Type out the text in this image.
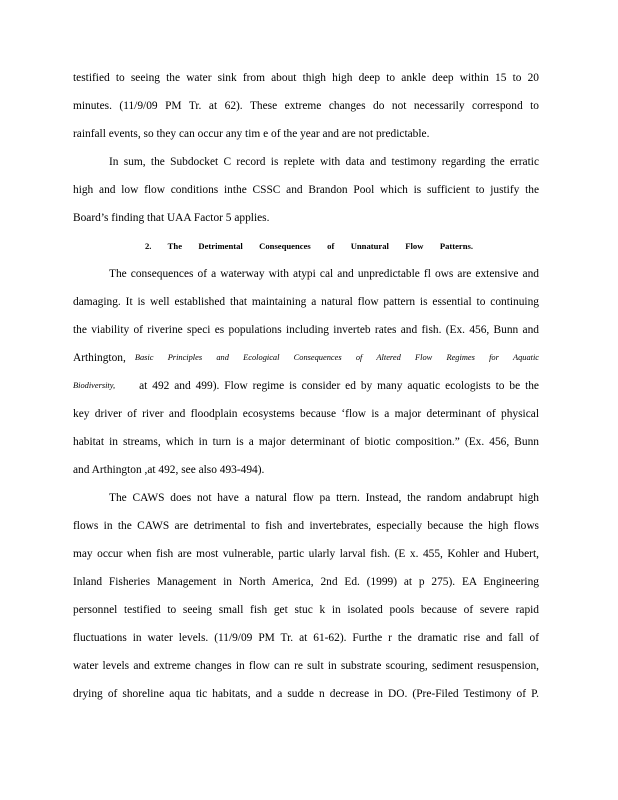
testified to seeing the water sink from about thigh high deep to ankle deep within 15 to 20
minutes. (11/9/09 PM Tr. at 62). These extreme changes do not necessarily correspond to
rainfall events, so they can occur any tim e of the year and are not predictable.
In sum, the Subdocket C record is replete with data and testimony regarding the erratic
high and low flow conditions inthe CSSC and Brandon Pool which is sufficient to justify the
Board’s finding that UAA Factor 5 applies.
2. The Detrimental Consequences of Unnatural Flow Patterns.
The consequences of a waterway with atypi cal and unpredictable fl ows are extensive and
damaging. It is well established that maintaining a natural flow pattern is essential to continuing
the viability of riverine speci es populations including inverteb rates and fish. (Ex. 456, Bunn and
Arthington, Basic Principles and Ecological Consequences of Altered Flow Regimes for Aquatic
Biodiversity, at 492 and 499). Flow regime is consider ed by many aquatic ecologists to be the
key driver of river and floodplain ecosystems because ‘flow is a major determinant of physical
habitat in streams, which in turn is a major determinant of biotic composition.” (Ex. 456, Bunn
and Arthington ,at 492, see also 493-494).
The CAWS does not have a natural flow pa ttern. Instead, the random andabrupt high
flows in the CAWS are detrimental to fish and invertebrates, especially because the high flows
may occur when fish are most vulnerable, partic ularly larval fish. (E x. 455, Kohler and Hubert,
Inland Fisheries Management in North America, 2nd Ed. (1999) at p 275). EA Engineering
personnel testified to seeing small fish get stuc k in isolated pools because of severe rapid
fluctuations in water levels. (11/9/09 PM Tr. at 61-62). Furthe r the dramatic rise and fall of
water levels and extreme changes in flow can re sult in substrate scouring, sediment resuspension,
drying of shoreline aqua tic habitats, and a sudde n decrease in DO. (Pre-Filed Testimony of P.
